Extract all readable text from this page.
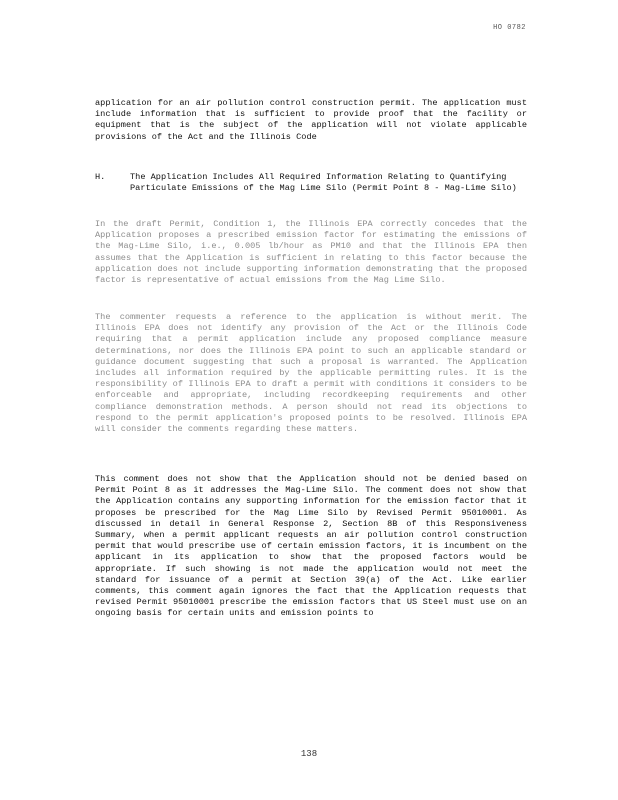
HO 0782

application for an air pollution control construction permit. The application must include information that is sufficient to provide proof that the facility or equipment that is the subject of the application will not violate applicable provisions of the Act and the Illinois Code

H.	The Application Includes All Required Information Relating to Quantifying Particulate Emissions of the Mag Lime Silo (Permit Point 8 - Mag-Lime Silo)

In the draft Permit, Condition 1, the Illinois EPA correctly concedes that the Application proposes a prescribed emission factor for estimating the emissions of the Mag-Lime Silo, i.e., 0.005 lb/hour as PM10 and that the Illinois EPA then assumes that the Application is sufficient in relating to this factor because the application does not include supporting information demonstrating that the proposed factor is representative of actual emissions from the Mag Lime Silo.

The commenter requests a reference to the application is without merit. The Illinois EPA does not identify any provision of the Act or the Illinois Code requiring that a permit application include any proposed compliance measure determinations, nor does the Illinois EPA point to such an applicable standard or guidance document suggesting that such a proposal is warranted. The Application includes all information required by the applicable permitting rules. It is the responsibility of Illinois EPA to draft a permit with conditions it considers to be enforceable and appropriate, including recordkeeping requirements and other compliance demonstration methods. A person should not read its objections to respond to the permit application's proposed points to be resolved. Illinois EPA will consider the comments regarding these matters.

This comment does not show that the Application should not be denied based on Permit Point 8 as it addresses the Mag-Lime Silo. The comment does not show that the Application contains any supporting information for the emission factor that it proposes be prescribed for the Mag Lime Silo by Revised Permit 95010001. As discussed in detail in General Response 2, Section 8B of this Responsiveness Summary, when a permit applicant requests an air pollution control construction permit that would prescribe use of certain emission factors, it is incumbent on the applicant in its application to show that the proposed factors would be appropriate. If such showing is not made the application would not meet the standard for issuance of a permit at Section 39(a) of the Act. Like earlier comments, this comment again ignores the fact that the Application requests that revised Permit 95010001 prescribe the emission factors that US Steel must use on an ongoing basis for certain units and emission points to

138
